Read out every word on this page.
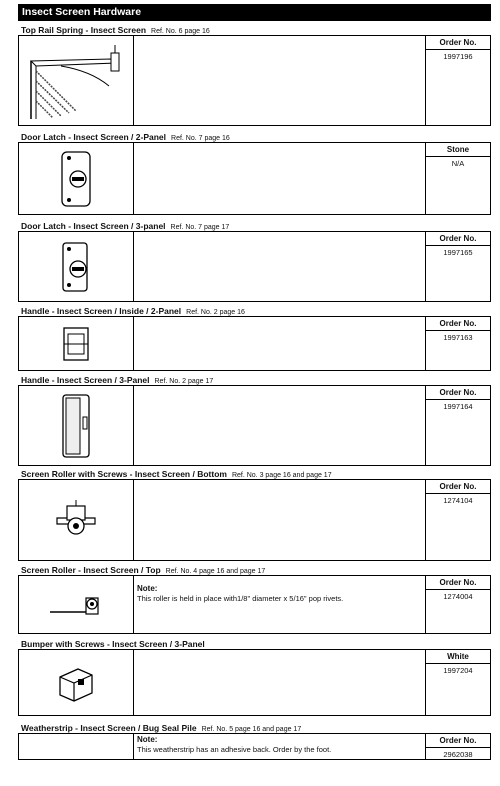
Insect Screen Hardware
Top Rail Spring - Insect Screen Ref. No. 6 page 16
Order No.
1997196
Door Latch - Insect Screen / 2-Panel Ref. No. 7 page 16
Stone
N/A
Door Latch - Insect Screen / 3-panel Ref. No. 7 page 17
Order No.
1997165
Handle - Insect Screen / Inside / 2-Panel Ref. No. 2 page 16
Order No.
1997163
Handle - Insect Screen / 3-Panel Ref. No. 2 page 17
Order No.
1997164
Screen Roller with Screws - Insect Screen / Bottom Ref. No. 3 page 16 and page 17
Order No.
1274104
Screen Roller - Insect Screen / Top Ref. No. 4 page 16 and page 17
Note:
This roller is held in place with1/8" diameter x 5/16" pop rivets.
Order No.
1274004
Bumper with Screws - Insect Screen / 3-Panel
White
1997204
Weatherstrip - Insect Screen / Bug Seal Pile Ref. No. 5 page 16 and page 17
Note:
This weatherstrip has an adhesive back. Order by the foot.
Order No.
2962038
